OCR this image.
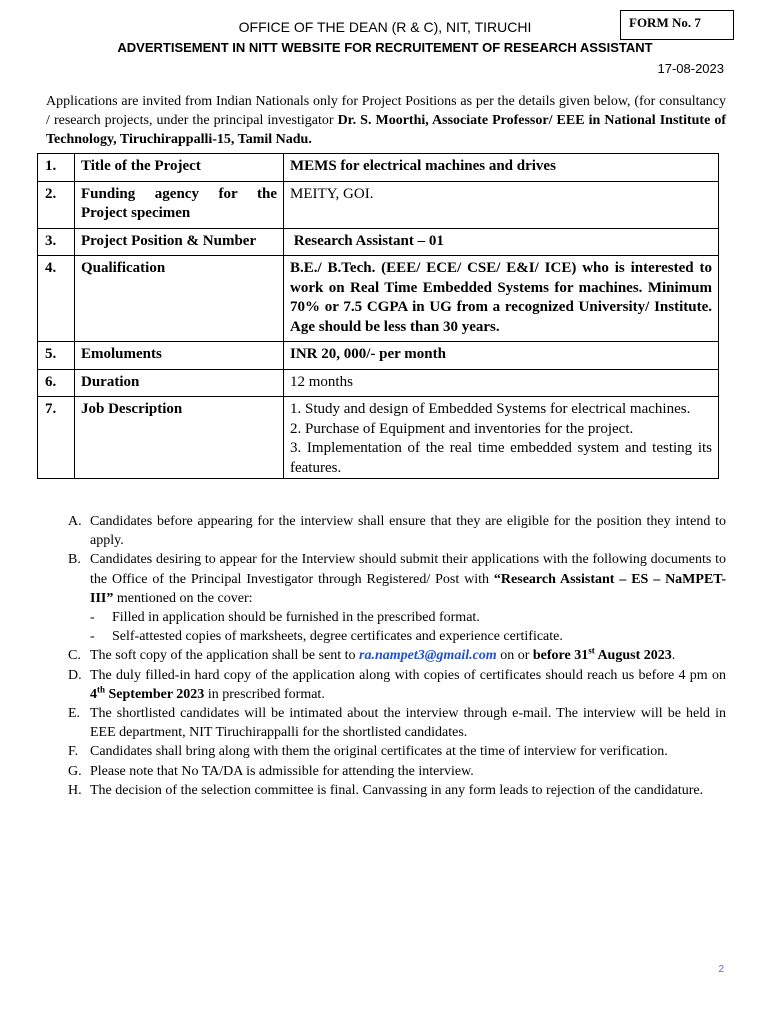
FORM No. 7
OFFICE OF THE DEAN (R & C), NIT, TIRUCHI
ADVERTISEMENT IN NITT WEBSITE FOR RECRUITEMENT OF RESEARCH ASSISTANT
17-08-2023
Applications are invited from Indian Nationals only for Project Positions as per the details given below, (for consultancy / research projects, under the principal investigator Dr. S. Moorthi, Associate Professor/ EEE in National Institute of Technology, Tiruchirappalli-15, Tamil Nadu.
1.	Title of the Project	MEMS for electrical machines and drives
2.	Funding agency for the Project specimen	MEITY, GOI.
3.	Project Position & Number	Research Assistant – 01
4.	Qualification	B.E./ B.Tech. (EEE/ ECE/ CSE/ E&I/ ICE) who is interested to work on Real Time Embedded Systems for machines. Minimum 70% or 7.5 CGPA in UG from a recognized University/ Institute. Age should be less than 30 years.
5.	Emoluments	INR 20, 000/- per month
6.	Duration	12 months
7.	Job Description	1. Study and design of Embedded Systems for electrical machines.
2. Purchase of Equipment and inventories for the project.
3. Implementation of the real time embedded system and testing its features.
A. Candidates before appearing for the interview shall ensure that they are eligible for the position they intend to apply.
B. Candidates desiring to appear for the Interview should submit their applications with the following documents to the Office of the Principal Investigator through Registered/ Post with “Research Assistant – ES – NaMPET-III” mentioned on the cover:
-	Filled in application should be furnished in the prescribed format.
-	Self-attested copies of marksheets, degree certificates and experience certificate.
C. The soft copy of the application shall be sent to ra.nampet3@gmail.com on or before 31st August 2023.
D. The duly filled-in hard copy of the application along with copies of certificates should reach us before 4 pm on 4th September 2023 in prescribed format.
E. The shortlisted candidates will be intimated about the interview through e-mail. The interview will be held in EEE department, NIT Tiruchirappalli for the shortlisted candidates.
F. Candidates shall bring along with them the original certificates at the time of interview for verification.
G. Please note that No TA/DA is admissible for attending the interview.
H. The decision of the selection committee is final. Canvassing in any form leads to rejection of the candidature.
2
